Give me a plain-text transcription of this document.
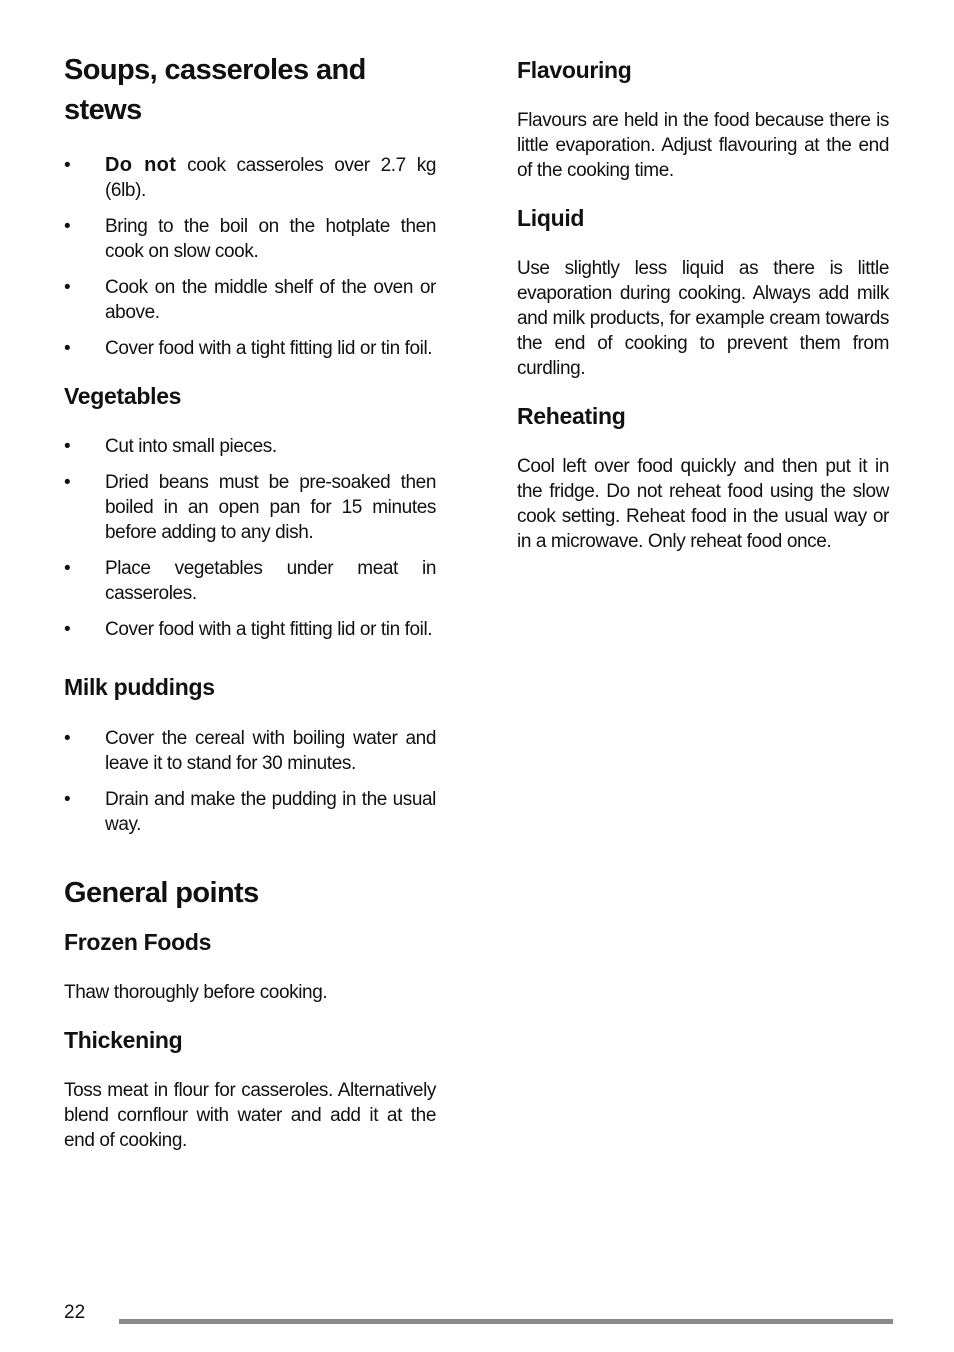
Soups, casseroles and stews
•	Do not cook casseroles over 2.7 kg (6lb).
•	Bring to the boil on the hotplate then cook on slow cook.
•	Cook on the middle shelf of the oven or above.
•	Cover food with a tight fitting lid or tin foil.
Vegetables
•	Cut into small pieces.
•	Dried beans must be pre-soaked then boiled in an open pan for 15 minutes before adding to any dish.
•	Place vegetables under meat in casseroles.
•	Cover food with a tight fitting lid or tin foil.
Milk puddings
•	Cover the cereal with boiling water and leave it to stand for 30 minutes.
•	Drain and make the pudding in the usual way.
General points
Frozen Foods

Thaw thoroughly before cooking.

Thickening

Toss meat in flour for casseroles. Alternatively blend cornflour with water and add it at the end of cooking.

Flavouring

Flavours are held in the food because there is little evaporation. Adjust flavouring at the end of the cooking time.

Liquid

Use slightly less liquid as there is little evaporation during cooking. Always add milk and milk products, for example cream towards the end of cooking to prevent them from curdling.

Reheating

Cool left over food quickly and then put it in the fridge. Do not reheat food using the slow cook setting. Reheat food in the usual way or in a microwave. Only reheat food once.

22
